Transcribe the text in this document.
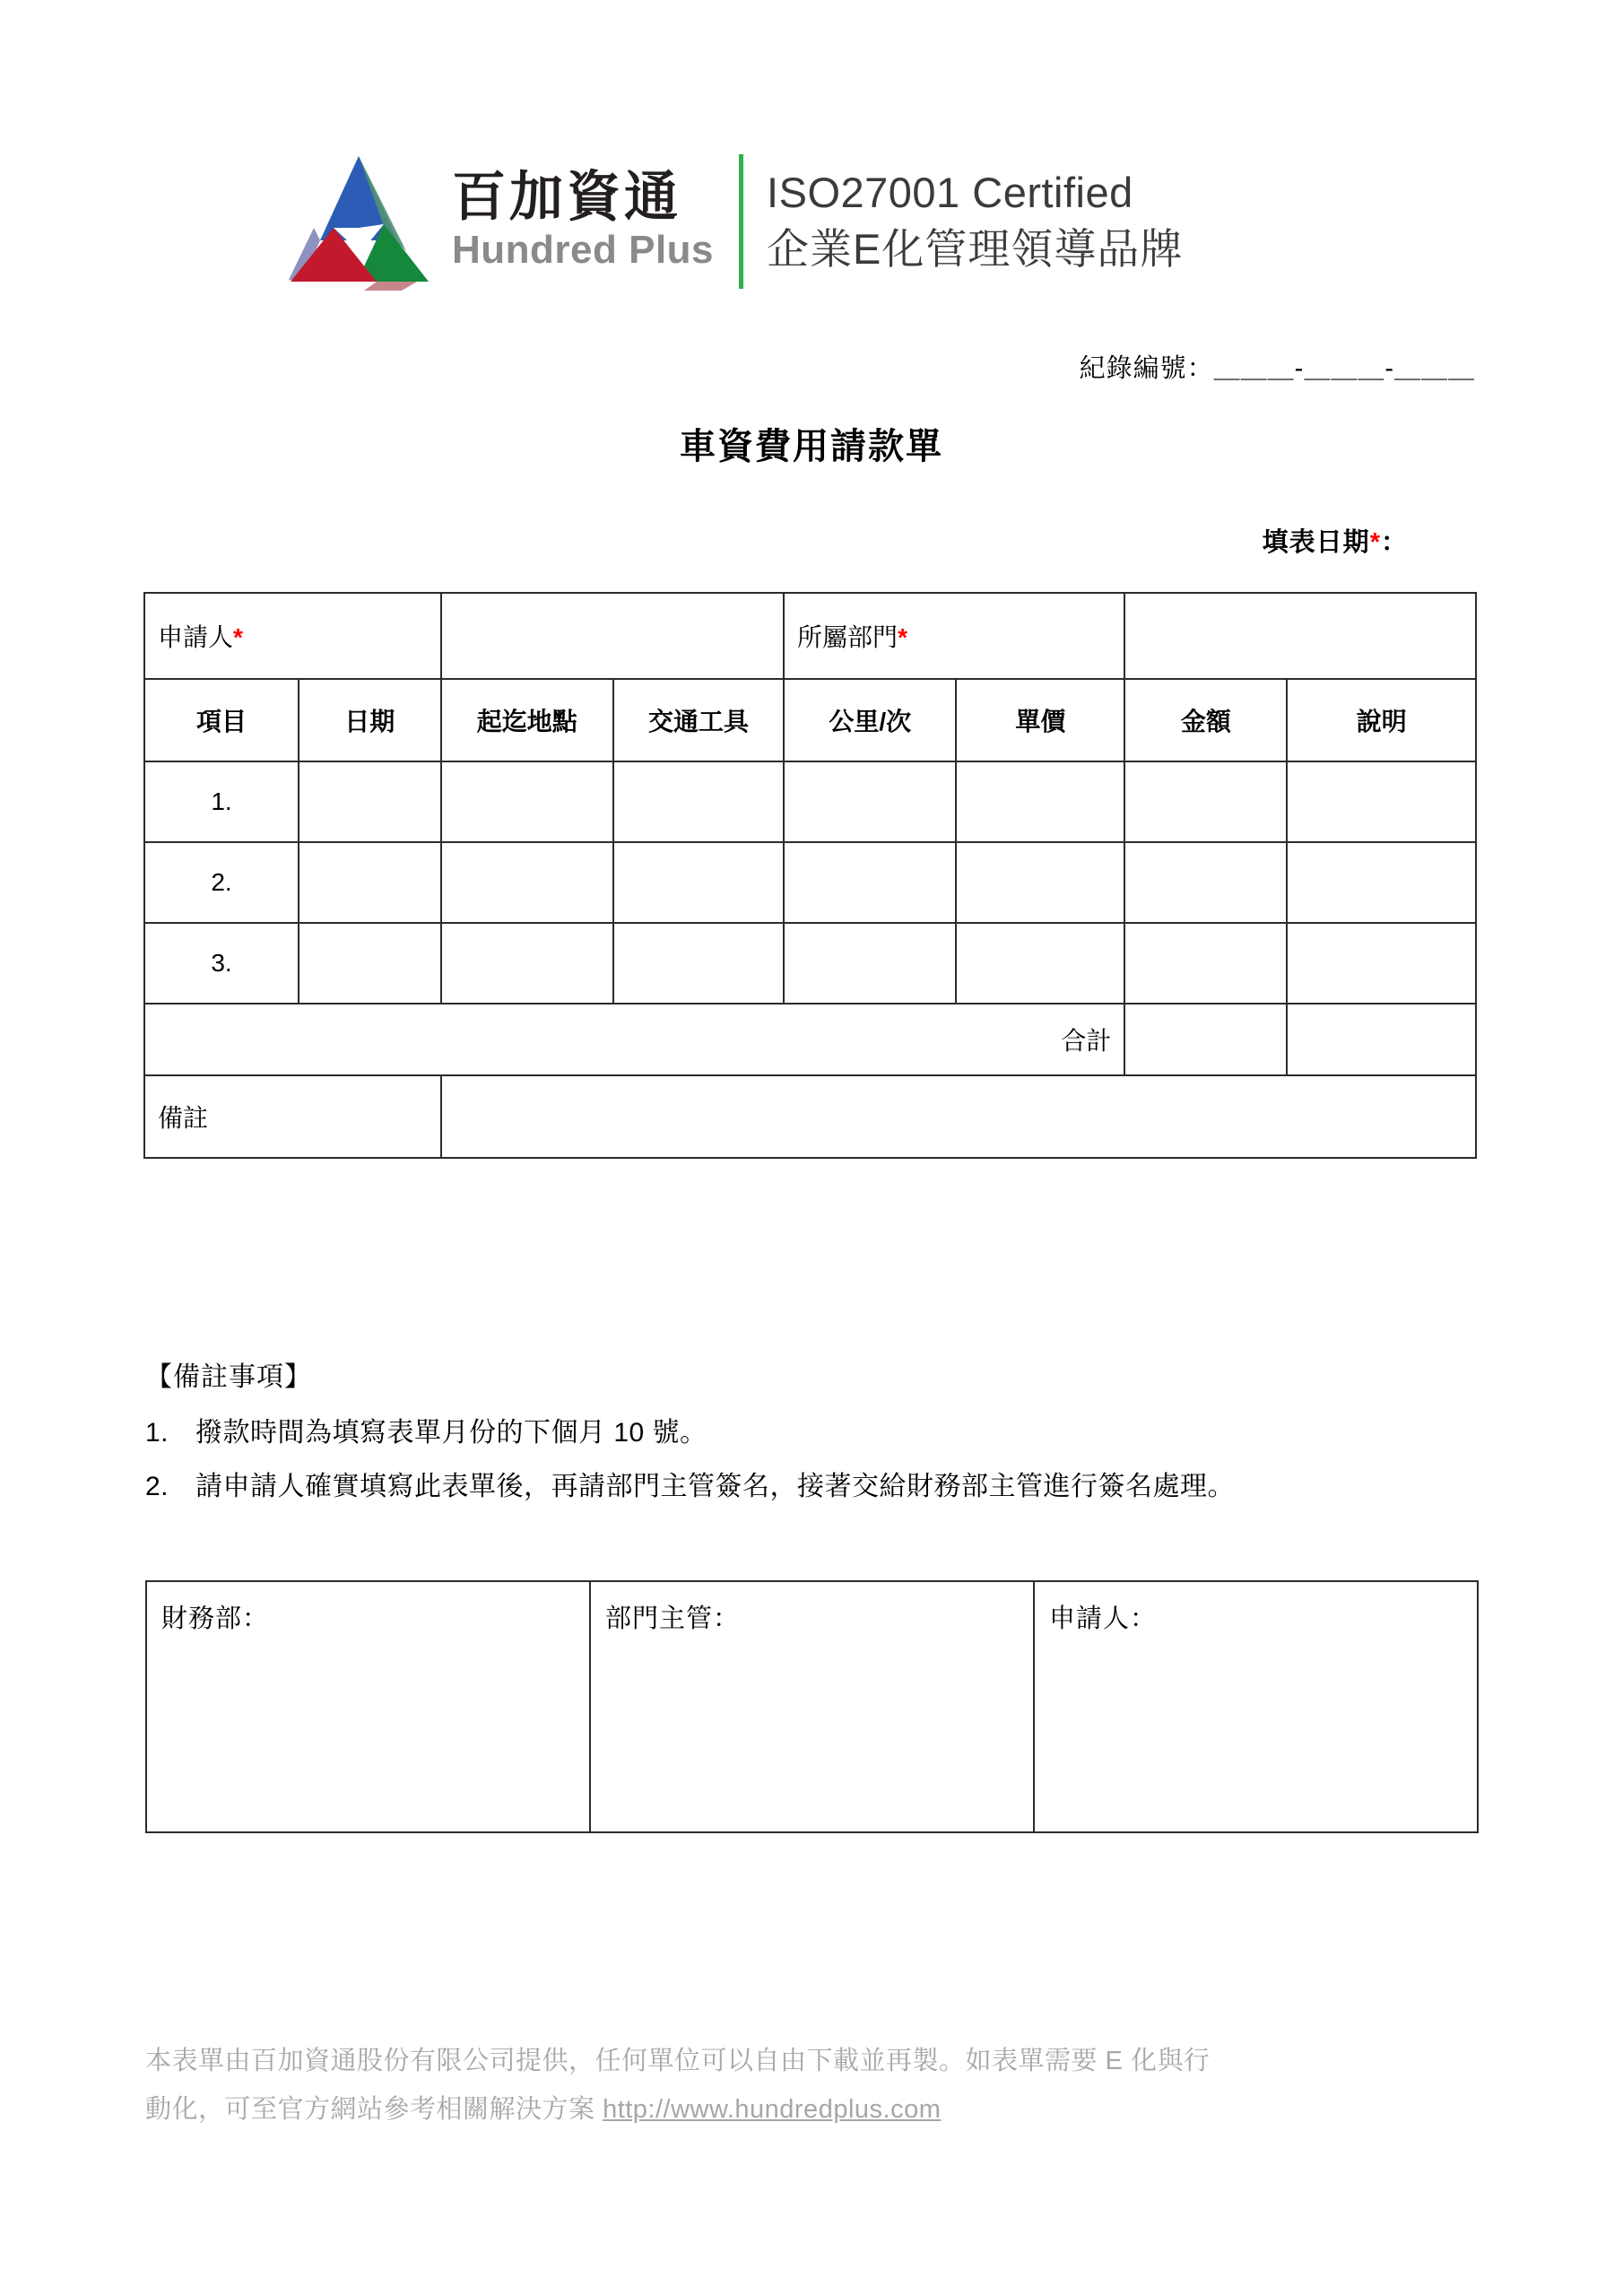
百加資通
Hundred Plus
ISO27001 Certified
企業E化管理領導品牌
紀錄編號：＿＿＿-＿＿＿-＿＿＿
車資費用請款單
填表日期*：
申請人*				所屬部門*			
項目	日期	起迄地點	交通工具	公里/次	單價	金額	說明
1.							
2.							
3.							
合計							
備註							
【備註事項】
1. 撥款時間為填寫表單月份的下個月 10 號。
2. 請申請人確實填寫此表單後，再請部門主管簽名，接著交給財務部主管進行簽名處理。
財務部：	部門主管：	申請人：
本表單由百加資通股份有限公司提供，任何單位可以自由下載並再製。如表單需要 E 化與行
動化，可至官方網站參考相關解決方案 http://www.hundredplus.com
